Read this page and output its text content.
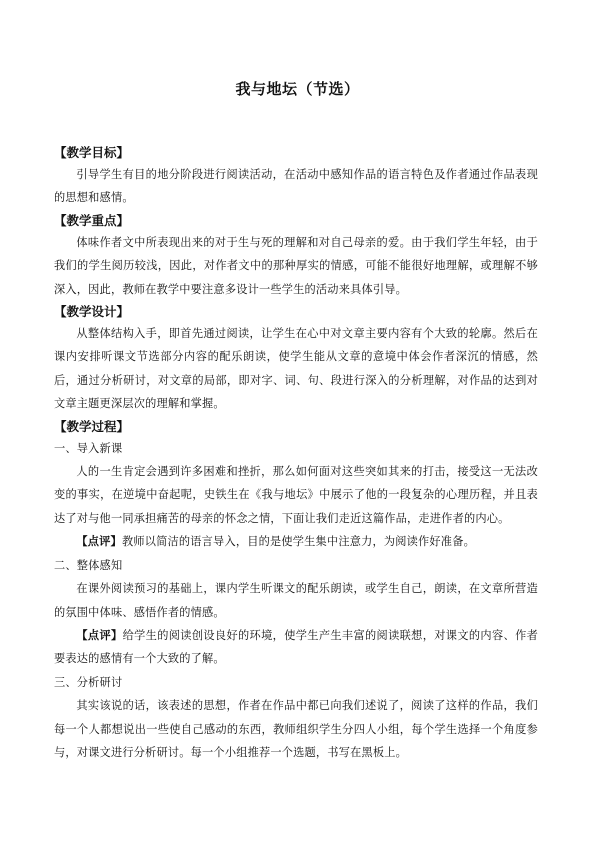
我与地坛（节选）

【教学目标】

引导学生有目的地分阶段进行阅读活动，在活动中感知作品的语言特色及作者通过作品表现的思想和感情。

【教学重点】

体味作者文中所表现出来的对于生与死的理解和对自己母亲的爱。由于我们学生年轻，由于我们的学生阅历较浅，因此，对作者文中的那种厚实的情感，可能不能很好地理解，或理解不够深入，因此，教师在教学中要注意多设计一些学生的活动来具体引导。

【教学设计】

从整体结构入手，即首先通过阅读，让学生在心中对文章主要内容有个大致的轮廓。然后在课内安排听课文节选部分内容的配乐朗读，使学生能从文章的意境中体会作者深沉的情感，然后，通过分析研讨，对文章的局部，即对字、词、句、段进行深入的分析理解，对作品的达到对文章主题更深层次的理解和掌握。

【教学过程】

一、导入新课

人的一生肯定会遇到许多困难和挫折，那么如何面对这些突如其来的打击，接受这一无法改变的事实，在逆境中奋起呢，史铁生在《我与地坛》中展示了他的一段复杂的心理历程，并且表达了对与他一同承担痛苦的母亲的怀念之情，下面让我们走近这篇作品，走进作者的内心。

【点评】教师以简洁的语言导入，目的是使学生集中注意力，为阅读作好准备。

二、整体感知

在课外阅读预习的基础上，课内学生听课文的配乐朗读，或学生自己，朗读，在文章所营造的氛围中体味、感悟作者的情感。

【点评】给学生的阅读创设良好的环境，使学生产生丰富的阅读联想，对课文的内容、作者要表达的感情有一个大致的了解。

三、分析研讨

其实该说的话，该表述的思想，作者在作品中都已向我们述说了，阅读了这样的作品，我们每一个人都想说出一些使自己感动的东西，教师组织学生分四人小组，每个学生选择一个角度参与，对课文进行分析研讨。每一个小组推荐一个选题，书写在黑板上。
